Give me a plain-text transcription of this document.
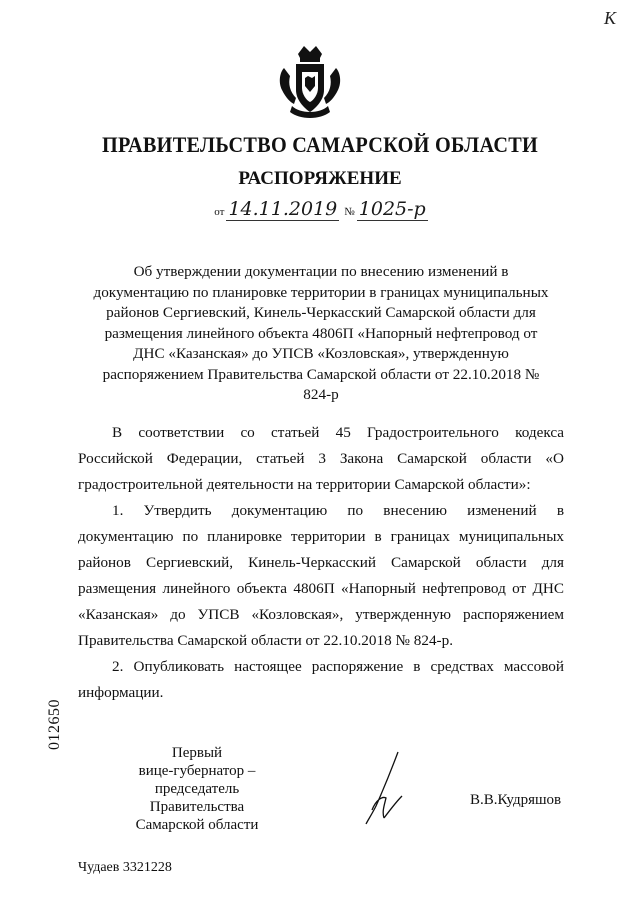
К
ПРАВИТЕЛЬСТВО САМАРСКОЙ ОБЛАСТИ
РАСПОРЯЖЕНИЕ
от 14.11.2019 № 1025-р
Об утверждении документации по внесению изменений в документацию по планировке территории в границах муниципальных районов Сергиевский, Кинель-Черкасский Самарской области для размещения линейного объекта 4806П «Напорный нефтепровод от ДНС «Казанская» до УПСВ «Козловская», утвержденную распоряжением Правительства Самарской области от 22.10.2018 № 824-р

В соответствии со статьей 45 Градостроительного кодекса Российской Федерации, статьей 3 Закона Самарской области «О градостроительной деятельности на территории Самарской области»:

1. Утвердить документацию по внесению изменений в документацию по планировке территории в границах муниципальных районов Сергиевский, Кинель-Черкасский Самарской области для размещения линейного объекта 4806П «Напорный нефтепровод от ДНС «Казанская» до УПСВ «Козловская», утвержденную распоряжением Правительства Самарской области от 22.10.2018 № 824-р.

2. Опубликовать настоящее распоряжение в средствах массовой информации.

012650
Первый
вице-губернатор –
председатель Правительства
Самарской области
В.В.Кудряшов
Чудаев 3321228
